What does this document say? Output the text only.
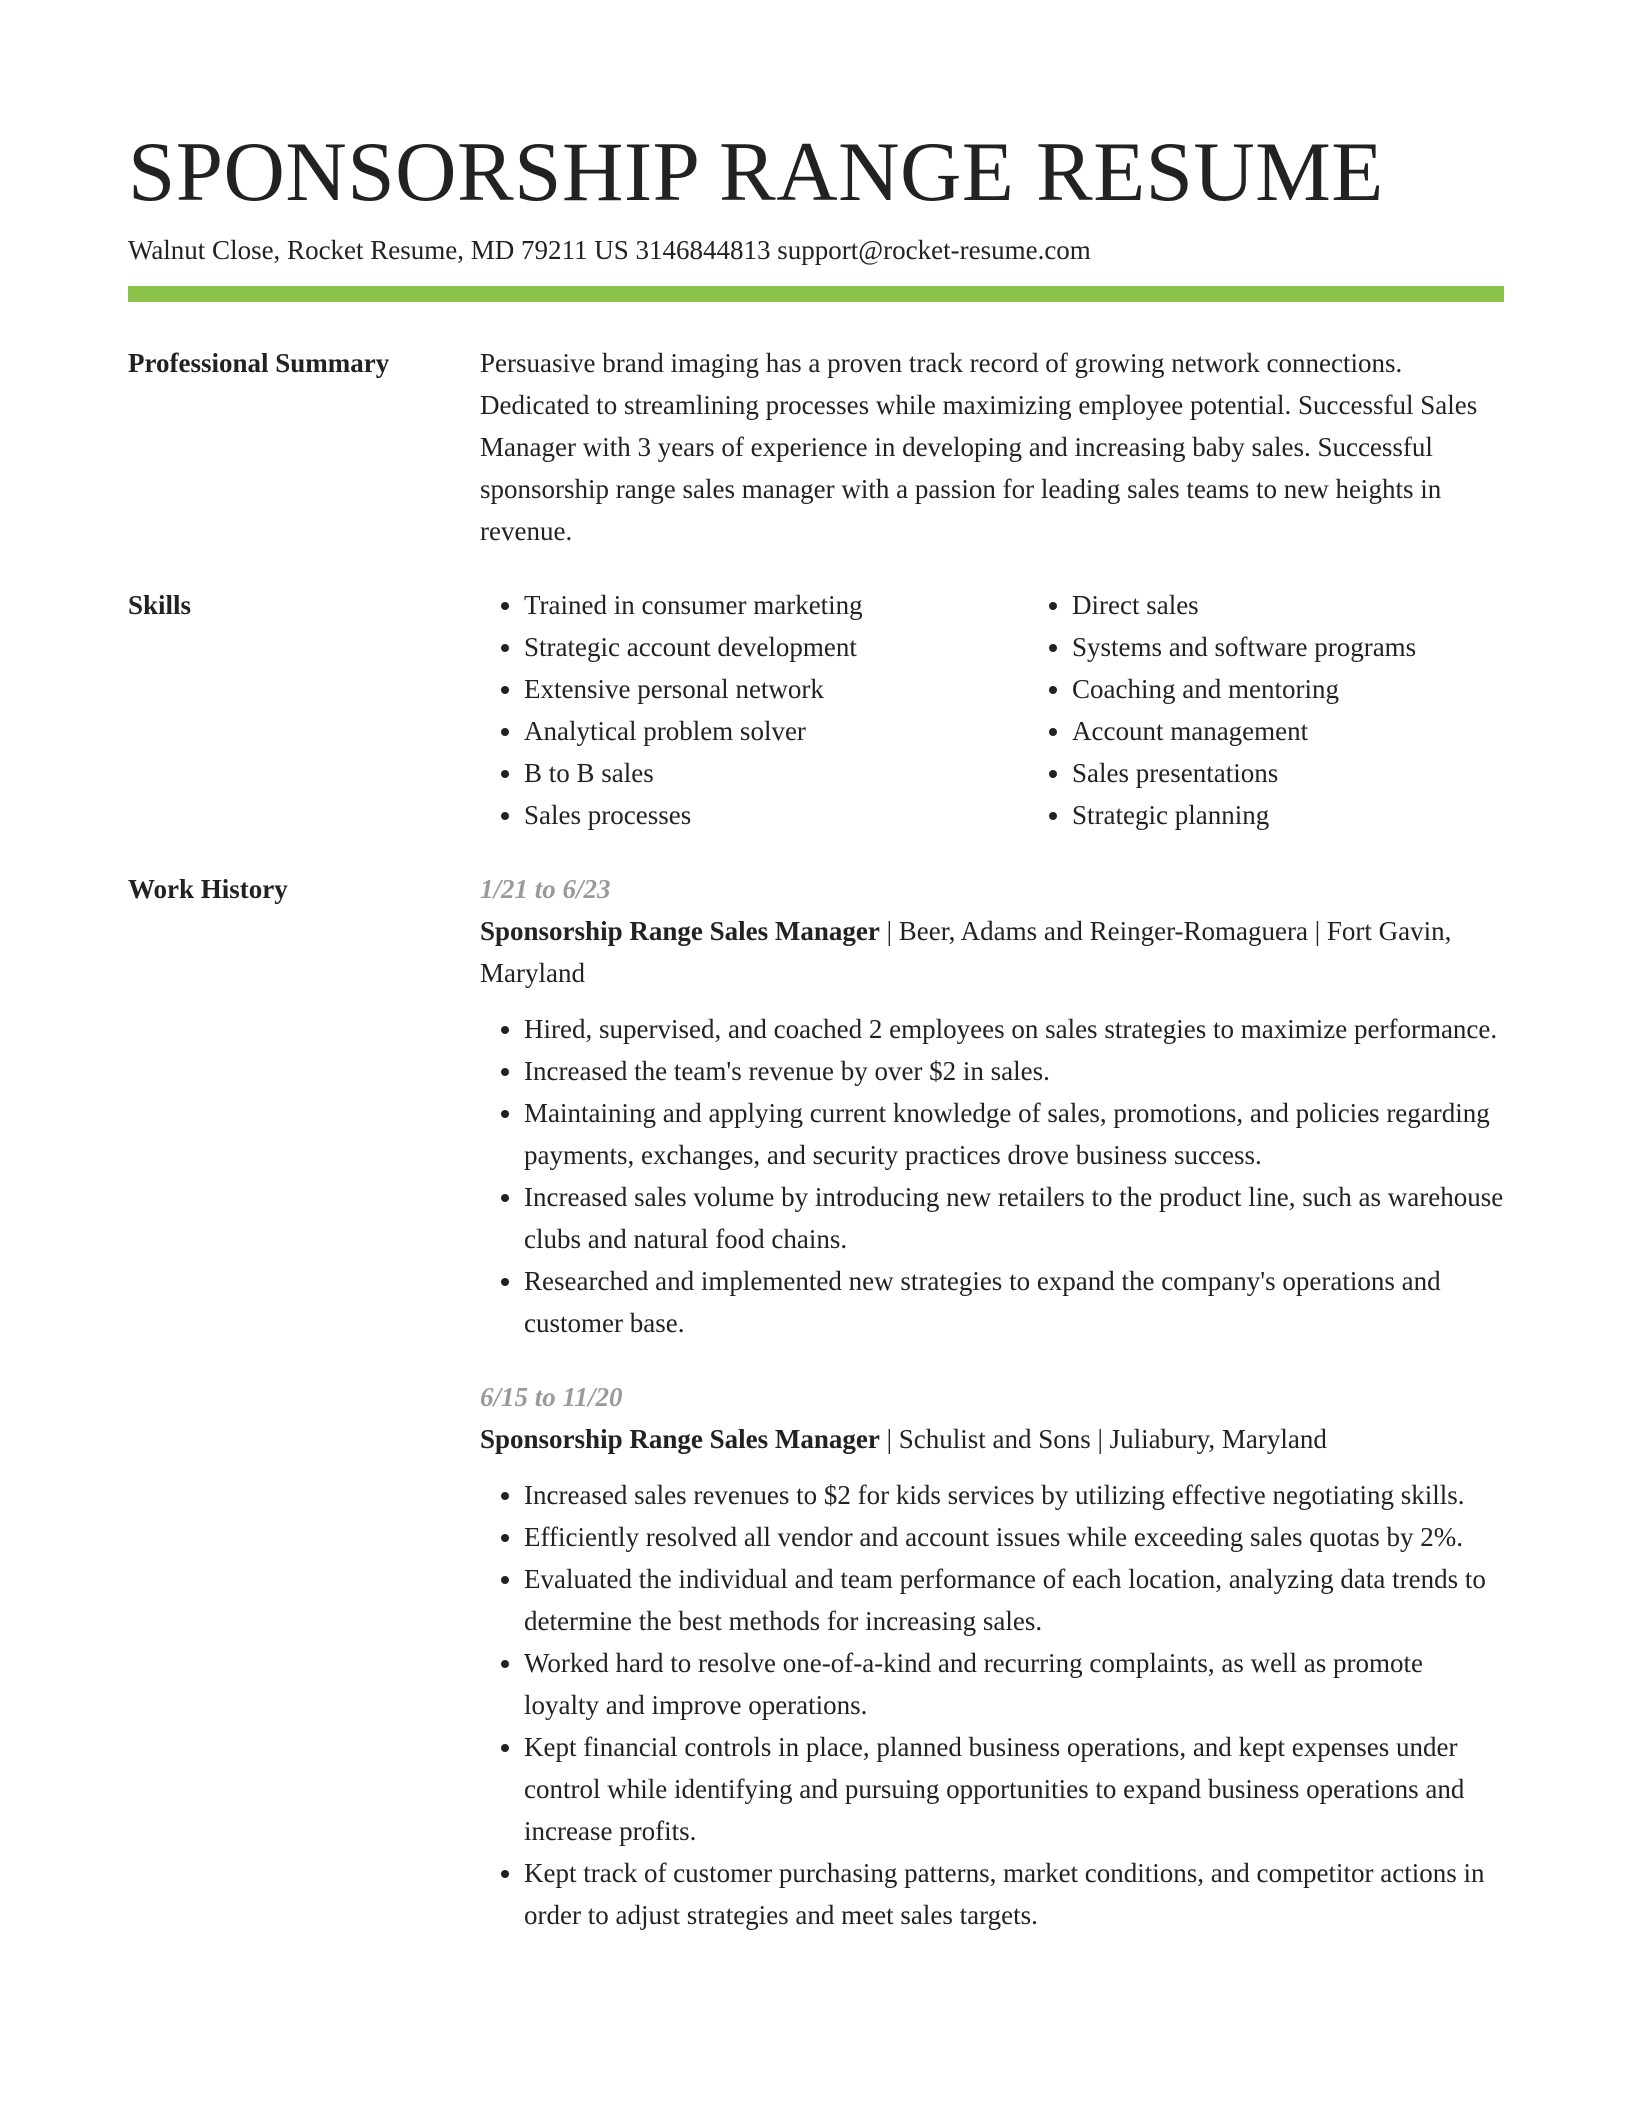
SPONSORSHIP RANGE RESUME
Walnut Close, Rocket Resume, MD 79211 US 3146844813 support@rocket-resume.com
Professional Summary	Persuasive brand imaging has a proven track record of growing network connections. Dedicated to streamlining processes while maximizing employee potential. Successful Sales Manager with 3 years of experience in developing and increasing baby sales. Successful sponsorship range sales manager with a passion for leading sales teams to new heights in revenue.
Skills
•	Trained in consumer marketing
• Strategic account development
• Extensive personal network
• Analytical problem solver
• B to B sales
• Sales processes
• Direct sales
• Systems and software programs
• Coaching and mentoring
• Account management
• Sales presentations
• Strategic planning
Work History	1/21 to 6/23
Sponsorship Range Sales Manager | Beer, Adams and Reinger-Romaguera | Fort Gavin, Maryland
• Hired, supervised, and coached 2 employees on sales strategies to maximize performance.
• Increased the team's revenue by over $2 in sales.
• Maintaining and applying current knowledge of sales, promotions, and policies regarding payments, exchanges, and security practices drove business success.
• Increased sales volume by introducing new retailers to the product line, such as warehouse clubs and natural food chains.
• Researched and implemented new strategies to expand the company's operations and customer base.
6/15 to 11/20
Sponsorship Range Sales Manager | Schulist and Sons | Juliabury, Maryland
• Increased sales revenues to $2 for kids services by utilizing effective negotiating skills.
• Efficiently resolved all vendor and account issues while exceeding sales quotas by 2%.
• Evaluated the individual and team performance of each location, analyzing data trends to determine the best methods for increasing sales.
• Worked hard to resolve one-of-a-kind and recurring complaints, as well as promote loyalty and improve operations.
• Kept financial controls in place, planned business operations, and kept expenses under control while identifying and pursuing opportunities to expand business operations and increase profits.
• Kept track of customer purchasing patterns, market conditions, and competitor actions in order to adjust strategies and meet sales targets.
